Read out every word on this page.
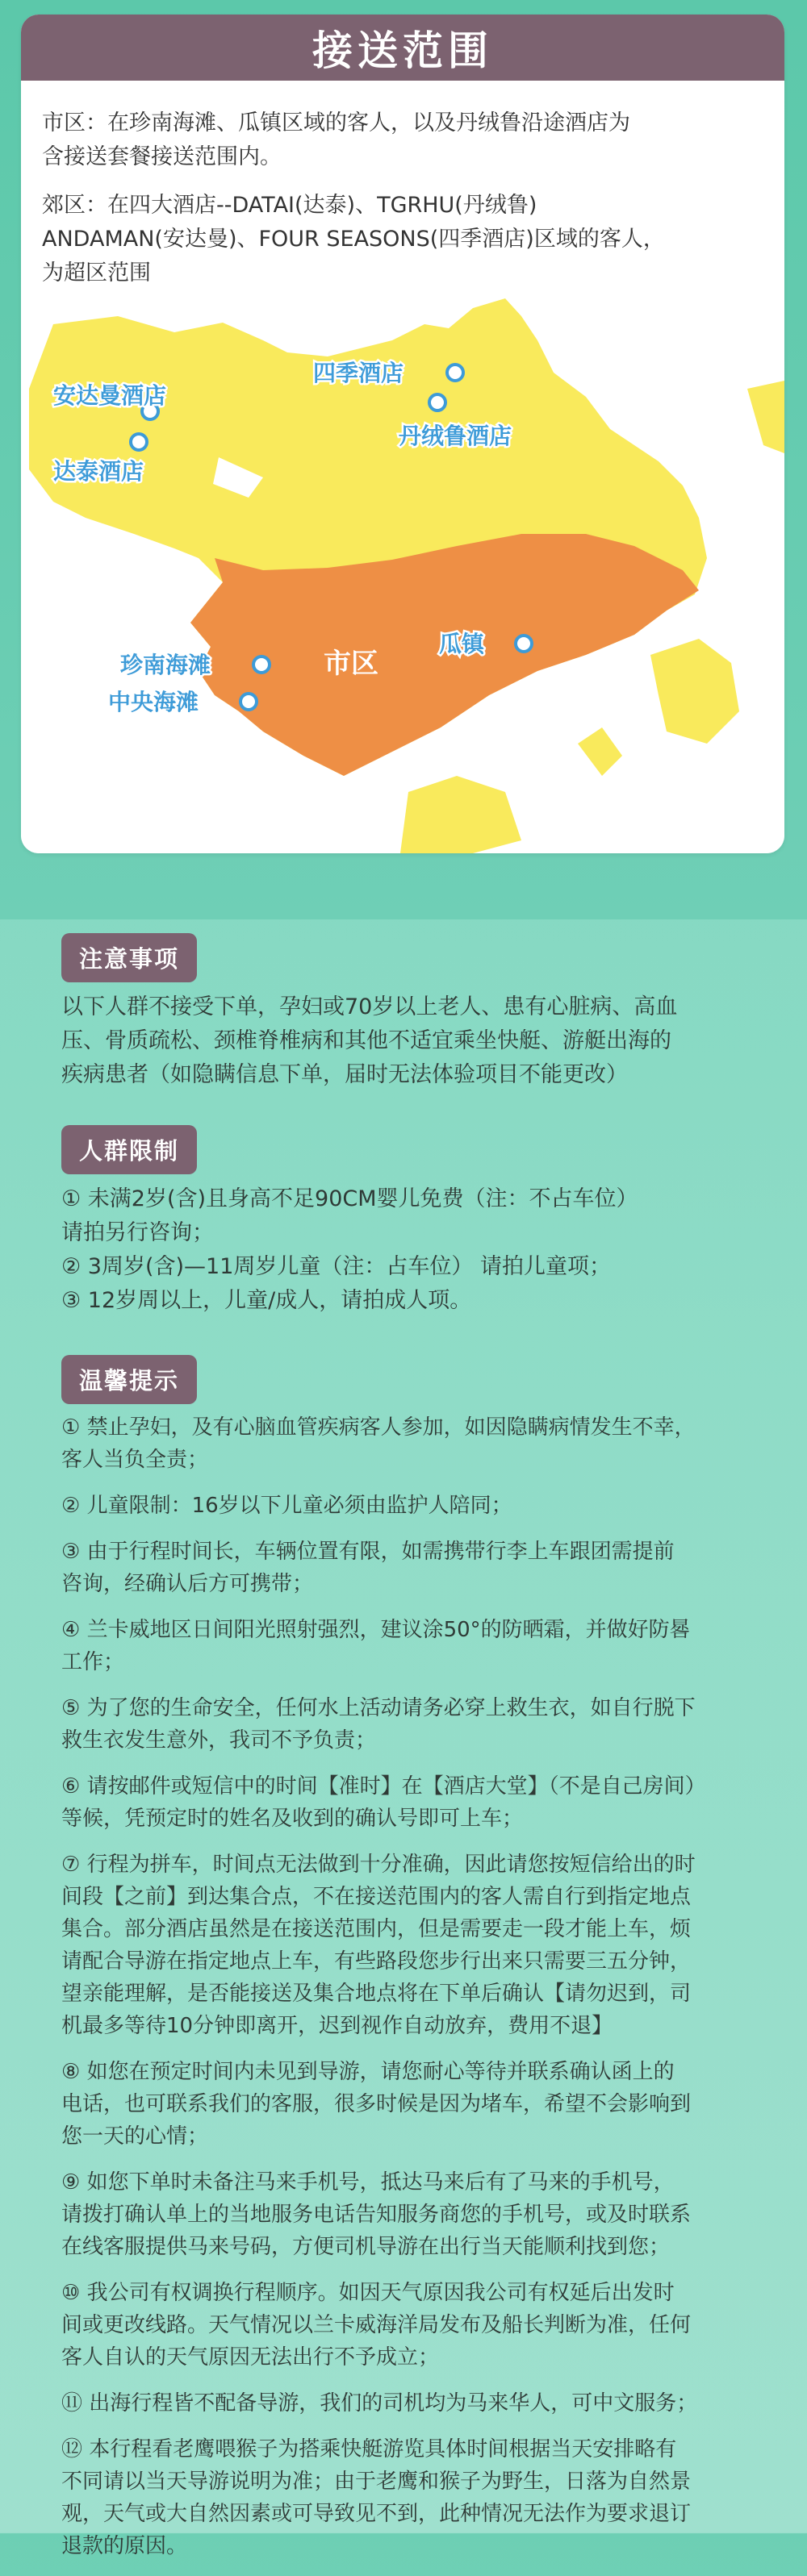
接送范围

市区：在珍南海滩、瓜镇区域的客人，以及丹绒鲁沿途酒店为
含接送套餐接送范围内。

郊区：在四大酒店--DATAI(达泰)、TGRHU(丹绒鲁)
ANDAMAN(安达曼)、FOUR SEASONS(四季酒店)区域的客人，
为超区范围

安达曼酒店
达泰酒店
四季酒店
丹绒鲁酒店
瓜镇
市区
珍南海滩
中央海滩
注意事项
以下人群不接受下单，孕妇或70岁以上老人、患有心脏病、高血
压、骨质疏松、颈椎脊椎病和其他不适宜乘坐快艇、游艇出海的
疾病患者（如隐瞒信息下单，届时无法体验项目不能更改）
人群限制
① 未满2岁(含)且身高不足90CM婴儿免费（注：不占车位）
请拍另行咨询；
② 3周岁(含)—11周岁儿童（注：占车位） 请拍儿童项；
③ 12岁周以上，儿童/成人，请拍成人项。
温馨提示

① 禁止孕妇，及有心脑血管疾病客人参加，如因隐瞒病情发生不幸，
客人当负全责；

② 儿童限制：16岁以下儿童必须由监护人陪同；

③ 由于行程时间长，车辆位置有限，如需携带行李上车跟团需提前
咨询，经确认后方可携带；

④ 兰卡威地区日间阳光照射强烈，建议涂50°的防晒霜，并做好防晷
工作；

⑤ 为了您的生命安全，任何水上活动请务必穿上救生衣，如自行脱下
救生衣发生意外，我司不予负责；

⑥ 请按邮件或短信中的时间【准时】在【酒店大堂】（不是自己房间）
等候，凭预定时的姓名及收到的确认号即可上车；

⑦ 行程为拼车，时间点无法做到十分准确，因此请您按短信给出的时
间段【之前】到达集合点，不在接送范围内的客人需自行到指定地点
集合。部分酒店虽然是在接送范围内，但是需要走一段才能上车，烦
请配合导游在指定地点上车，有些路段您步行出来只需要三五分钟，
望亲能理解，是否能接送及集合地点将在下单后确认【请勿迟到，司
机最多等待10分钟即离开，迟到视作自动放弃，费用不退】

⑧ 如您在预定时间内未见到导游，请您耐心等待并联系确认函上的
电话，也可联系我们的客服，很多时候是因为堵车，希望不会影响到
您一天的心情；

⑨ 如您下单时未备注马来手机号，抵达马来后有了马来的手机号，
请拨打确认单上的当地服务电话告知服务商您的手机号，或及时联系
在线客服提供马来号码，方便司机导游在出行当天能顺利找到您；

⑩ 我公司有权调换行程顺序。如因天气原因我公司有权延后出发时
间或更改线路。天气情况以兰卡威海洋局发布及船长判断为准，任何
客人自认的天气原因无法出行不予成立；

⑪ 出海行程皆不配备导游，我们的司机均为马来华人，可中文服务；

⑫ 本行程看老鹰喂猴子为搭乘快艇游览具体时间根据当天安排略有
不同请以当天导游说明为准；由于老鹰和猴子为野生，日落为自然景
观，天气或大自然因素或可导致见不到，此种情况无法作为要求退订
退款的原因。
